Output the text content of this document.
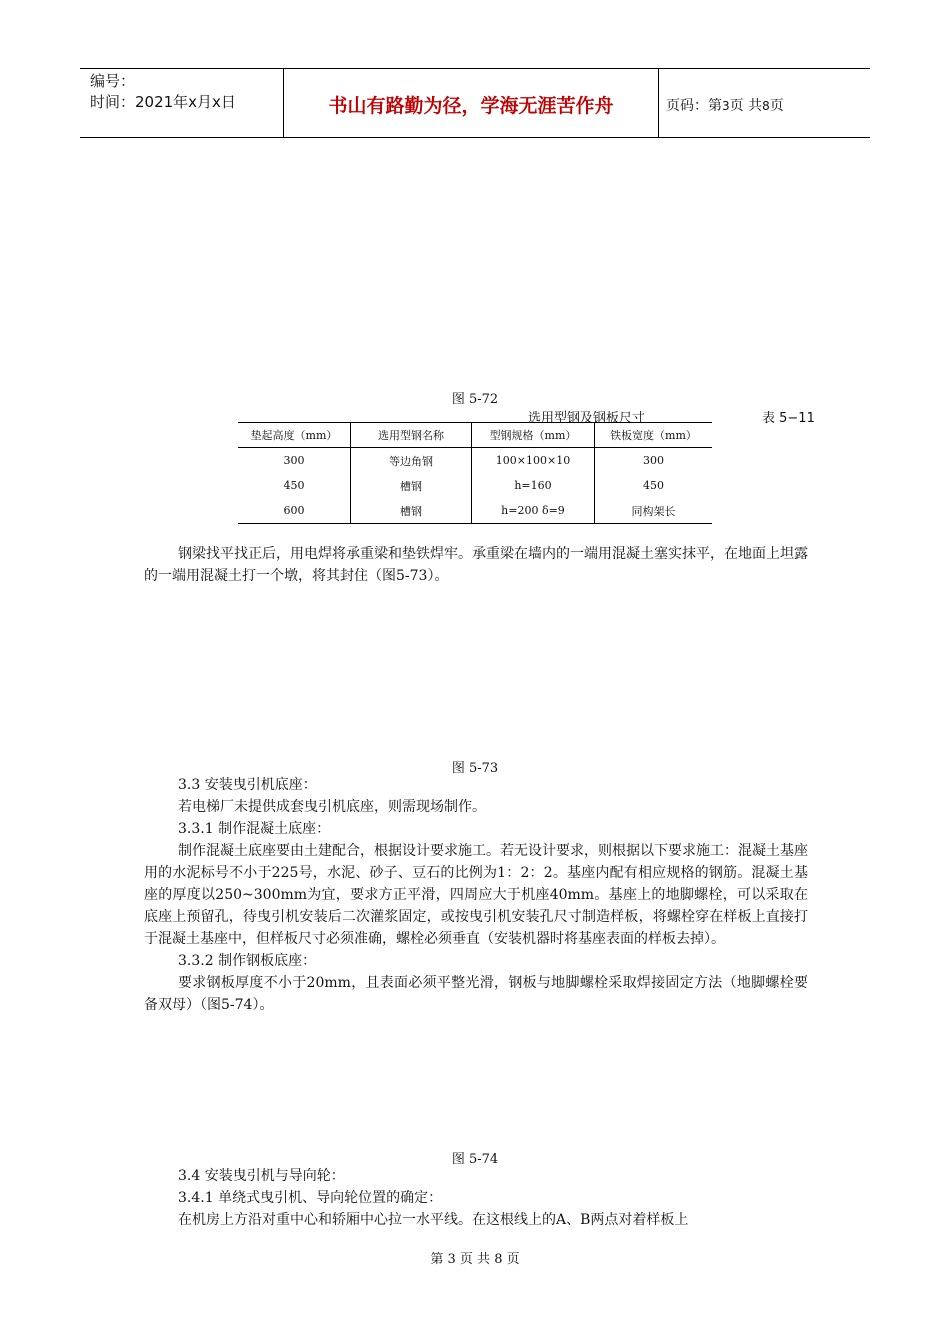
编号：
时间：2021年x月x日	书山有路勤为径，学海无涯苦作舟	页码：第3页 共8页
图 5-72
选用型钢及钢板尺寸	表 5−11
垫起高度（mm）	选用型钢名称	型钢规格（mm）	铁板宽度（mm）
300	等边角钢	100×100×10	300
450	槽钢	h=160	450
600	槽钢	h=200 δ=9	同构架长
钢梁找平找正后，用电焊将承重梁和垫铁焊牢。承重梁在墙内的一端用混凝土塞实抹平，在地面上坦露的一端用混凝土打一个墩，将其封住（图5-73）。
图 5-73
3.3 安装曳引机底座：
若电梯厂未提供成套曳引机底座，则需现场制作。
3.3.1 制作混凝土底座：
制作混凝土底座要由土建配合，根据设计要求施工。若无设计要求，则根据以下要求施工：混凝土基座用的水泥标号不小于225号，水泥、砂子、豆石的比例为1：2：2。基座内配有相应规格的钢筋。混凝土基座的厚度以250~300mm为宜，要求方正平滑，四周应大于机座40mm。基座上的地脚螺栓，可以采取在底座上预留孔，待曳引机安装后二次灌浆固定，或按曳引机安装孔尺寸制造样板，将螺栓穿在样板上直接打于混凝土基座中，但样板尺寸必须准确，螺栓必须垂直（安装机器时将基座表面的样板去掉）。
3.3.2 制作钢板底座：
要求钢板厚度不小于20mm，且表面必须平整光滑，钢板与地脚螺栓采取焊接固定方法（地脚螺栓要备双母）（图5-74）。
图 5-74
3.4 安装曳引机与导向轮：
3.4.1 单绕式曳引机、导向轮位置的确定：
在机房上方沿对重中心和轿厢中心拉一水平线。在这根线上的A、B两点对着样板上
第 3 页 共 8 页
